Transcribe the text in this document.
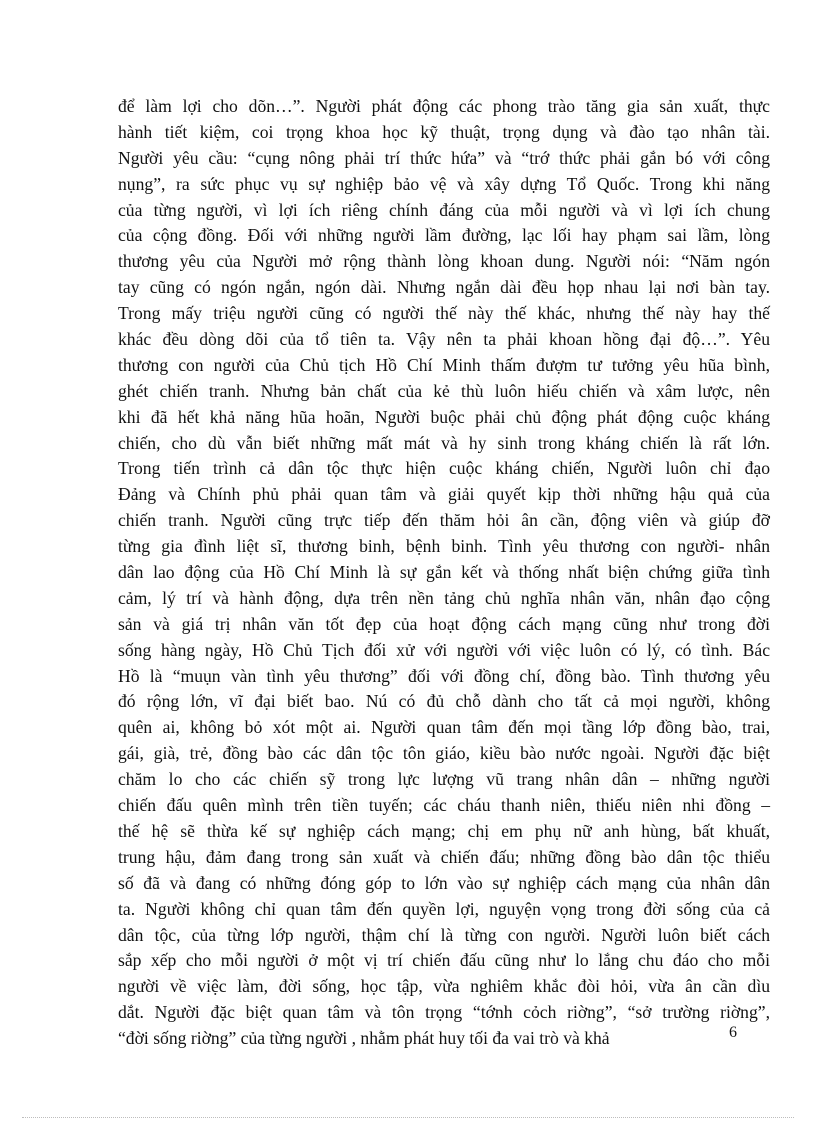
để làm lợi cho dõn…”. Người phát động các phong trào tăng gia sản xuất, thực
hành tiết kiệm, coi trọng khoa học kỹ thuật, trọng dụng và đào tạo nhân tài.
Người yêu cầu: “cụng nông phải trí thức hứa” và “trớ thức phải gắn bó với công
nụng”, ra sức phục vụ sự nghiệp bảo vệ và xây dựng Tổ Quốc. Trong khi năng
của từng người, vì lợi ích riêng chính đáng của mỗi người và vì lợi ích chung
của cộng đồng. Đối với những người lầm đường, lạc lối hay phạm sai lầm, lòng
thương yêu của Người mở rộng thành lòng khoan dung. Người nói: “Năm ngón
tay cũng có ngón ngắn, ngón dài. Nhưng ngắn dài đều họp nhau lại nơi bàn tay.
Trong mấy triệu người cũng có người thế này thế khác, nhưng thế này hay thế
khác đều dòng dõi của tổ tiên ta. Vậy nên ta phải khoan hồng đại độ…”. Yêu
thương con người của Chủ tịch Hồ Chí Minh thấm đượm tư tưởng yêu hũa bình,
ghét chiến tranh. Nhưng bản chất của kẻ thù luôn hiếu chiến và xâm lược, nên
khi đã hết khả năng hũa hoãn, Người buộc phải chủ động phát động cuộc kháng
chiến, cho dù vẫn biết những mất mát và hy sinh trong kháng chiến là rất lớn.
Trong tiến trình cả dân tộc thực hiện cuộc kháng chiến, Người luôn chỉ đạo
Đảng và Chính phủ phải quan tâm và giải quyết kịp thời những hậu quả của
chiến tranh. Người cũng trực tiếp đến thăm hỏi ân cần, động viên và giúp đỡ
từng gia đình liệt sĩ, thương binh, bệnh binh. Tình yêu thương con người- nhân
dân lao động của Hồ Chí Minh là sự gắn kết và thống nhất biện chứng giữa tình
cảm, lý trí và hành động, dựa trên nền tảng chủ nghĩa nhân văn, nhân đạo cộng
sản và giá trị nhân văn tốt đẹp của hoạt động cách mạng cũng như trong đời
sống hàng ngày, Hồ Chủ Tịch đối xử với người với việc luôn có lý, có tình. Bác
Hồ là “muụn vàn tình yêu thương” đối với đồng chí, đồng bào. Tình thương yêu
đó rộng lớn, vĩ đại biết bao. Nú có đủ chỗ dành cho tất cả mọi người, không
quên ai, không bỏ xót một ai. Người quan tâm đến mọi tầng lớp đồng bào, trai,
gái, già, trẻ, đồng bào các dân tộc tôn giáo, kiều bào nước ngoài. Người đặc biệt
chăm lo cho các chiến sỹ trong lực lượng vũ trang nhân dân – những người
chiến đấu quên mình trên tiền tuyến; các cháu thanh niên, thiếu niên nhi đồng –
thế hệ sẽ thừa kế sự nghiệp cách mạng; chị em phụ nữ anh hùng, bất khuất,
trung hậu, đảm đang trong sản xuất và chiến đấu; những đồng bào dân tộc thiểu
số đã và đang có những đóng góp to lớn vào sự nghiệp cách mạng của nhân dân
ta. Người không chỉ quan tâm đến quyền lợi, nguyện vọng trong đời sống của cả
dân tộc, của từng lớp người, thậm chí là từng con người. Người luôn biết cách
sắp xếp cho mỗi người ở một vị trí chiến đấu cũng như lo lắng chu đáo cho mỗi
người về việc làm, đời sống, học tập, vừa nghiêm khắc đòi hỏi, vừa ân cần dìu
dắt. Người đặc biệt quan tâm và tôn trọng “tớnh cỏch riờng”, “sở trường riờng”,
“đời sống riờng” của từng người , nhằm phát huy tối đa vai trò và khả	6
